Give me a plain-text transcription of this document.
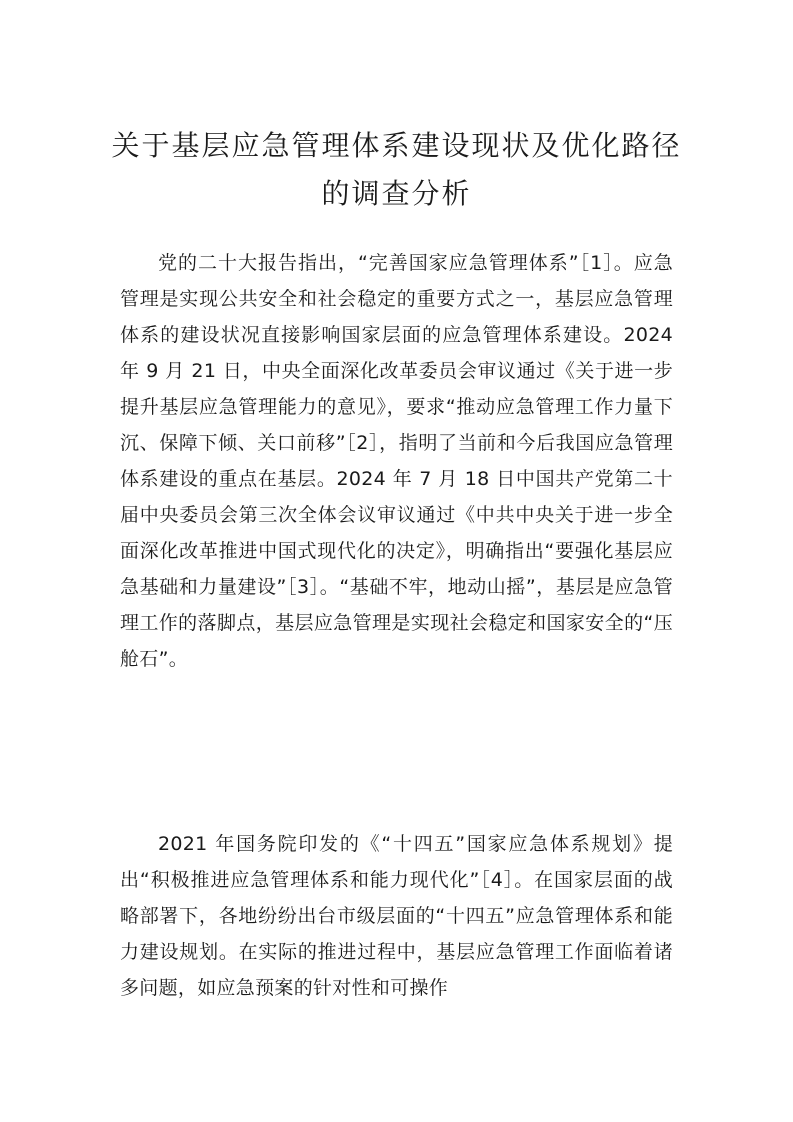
关于基层应急管理体系建设现状及优化路径的调查分析

党的二十大报告指出，“完善国家应急管理体系”［1］。应急管理是实现公共安全和社会稳定的重要方式之一，基层应急管理体系的建设状况直接影响国家层面的应急管理体系建设。2024 年 9 月 21 日，中央全面深化改革委员会审议通过《关于进一步提升基层应急管理能力的意见》，要求“推动应急管理工作力量下沉、保障下倾、关口前移”［2］，指明了当前和今后我国应急管理体系建设的重点在基层。2024 年 7 月 18 日中国共产党第二十届中央委员会第三次全体会议审议通过《中共中央关于进一步全面深化改革推进中国式现代化的决定》，明确指出“要强化基层应急基础和力量建设”［3］。“基础不牢，地动山摇”，基层是应急管理工作的落脚点，基层应急管理是实现社会稳定和国家安全的“压舱石”。

2021 年国务院印发的《“十四五”国家应急体系规划》提出“积极推进应急管理体系和能力现代化”［4］。在国家层面的战略部署下，各地纷纷出台市级层面的“十四五”应急管理体系和能力建设规划。在实际的推进过程中，基层应急管理工作面临着诸多问题，如应急预案的针对性和可操作
